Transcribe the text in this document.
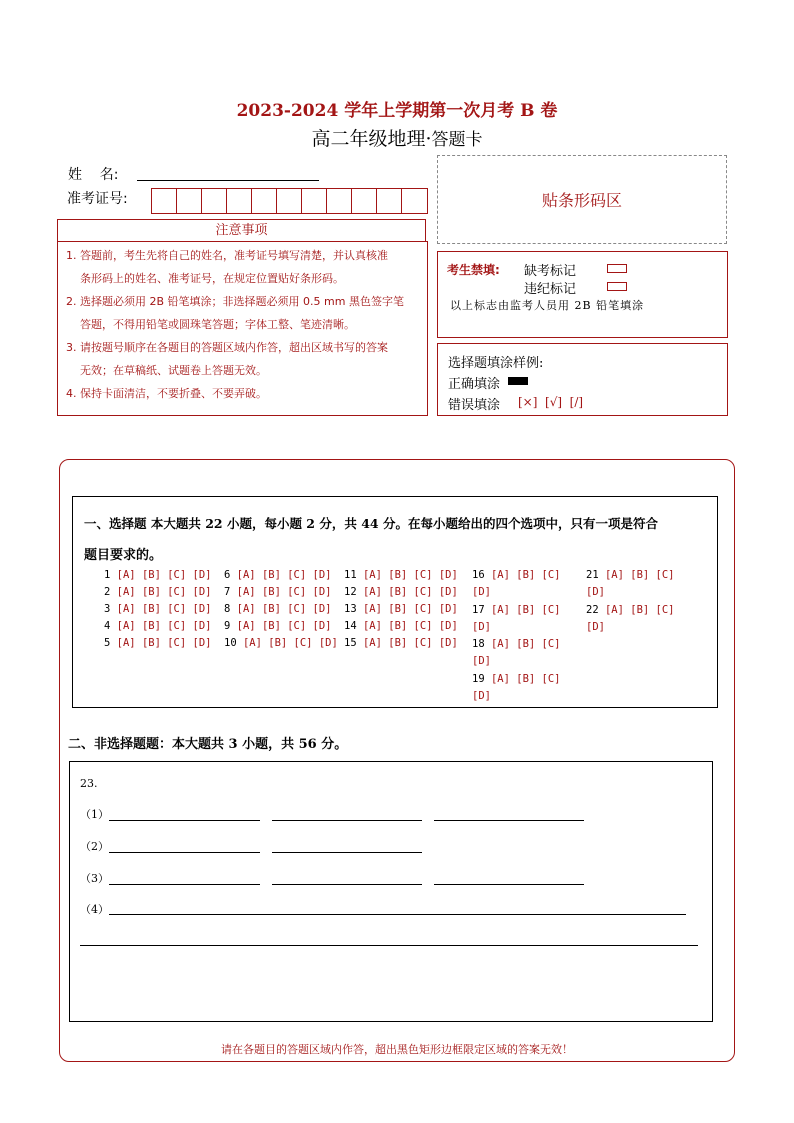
2023-2024 学年上学期第一次月考 B 卷
高二年级地理·答题卡
姓    名:
准考证号:	贴条形码区
注意事项
1. 答题前，考生先将自己的姓名，准考证号填写清楚，并认真核准
条形码上的姓名、准考证号，在规定位置贴好条形码。
2. 选择题必须用 2B 铅笔填涂；非选择题必须用 0.5 mm 黑色签字笔
答题，不得用铅笔或圆珠笔答题；字体工整、笔迹清晰。
3. 请按题号顺序在各题目的答题区域内作答，超出区域书写的答案
无效；在草稿纸、试题卷上答题无效。
4. 保持卡面清洁，不要折叠、不要弄破。
考生禁填: 缺考标记
违纪标记
以上标志由监考人员用 2B 铅笔填涂
选择题填涂样例:
正确填涂
错误填涂 [×]  [√]  [/]
一、选择题 本大题共 22 小题，每小题 2 分，共 44 分。在每小题给出的四个选项中，只有一项是符合
题目要求的。
1 [A] [B] [C] [D]
2 [A] [B] [C] [D]
3 [A] [B] [C] [D]
4 [A] [B] [C] [D]
5 [A] [B] [C] [D]
6 [A] [B] [C] [D]
7 [A] [B] [C] [D]
8 [A] [B] [C] [D]
9 [A] [B] [C] [D]
10 [A] [B] [C] [D]
11 [A] [B] [C] [D]
12 [A] [B] [C] [D]
13 [A] [B] [C] [D]
14 [A] [B] [C] [D]
15 [A] [B] [C] [D]
16 [A] [B] [C]
[D]
17 [A] [B] [C]
[D]
18 [A] [B] [C]
[D]
19 [A] [B] [C]
[D]
21 [A] [B] [C]
[D]
22 [A] [B] [C]
[D]
二、非选择题题：本大题共 3 小题，共 56 分。
23.
（1）
（2）
（3）
（4）
请在各题目的答题区域内作答，超出黑色矩形边框限定区域的答案无效！
